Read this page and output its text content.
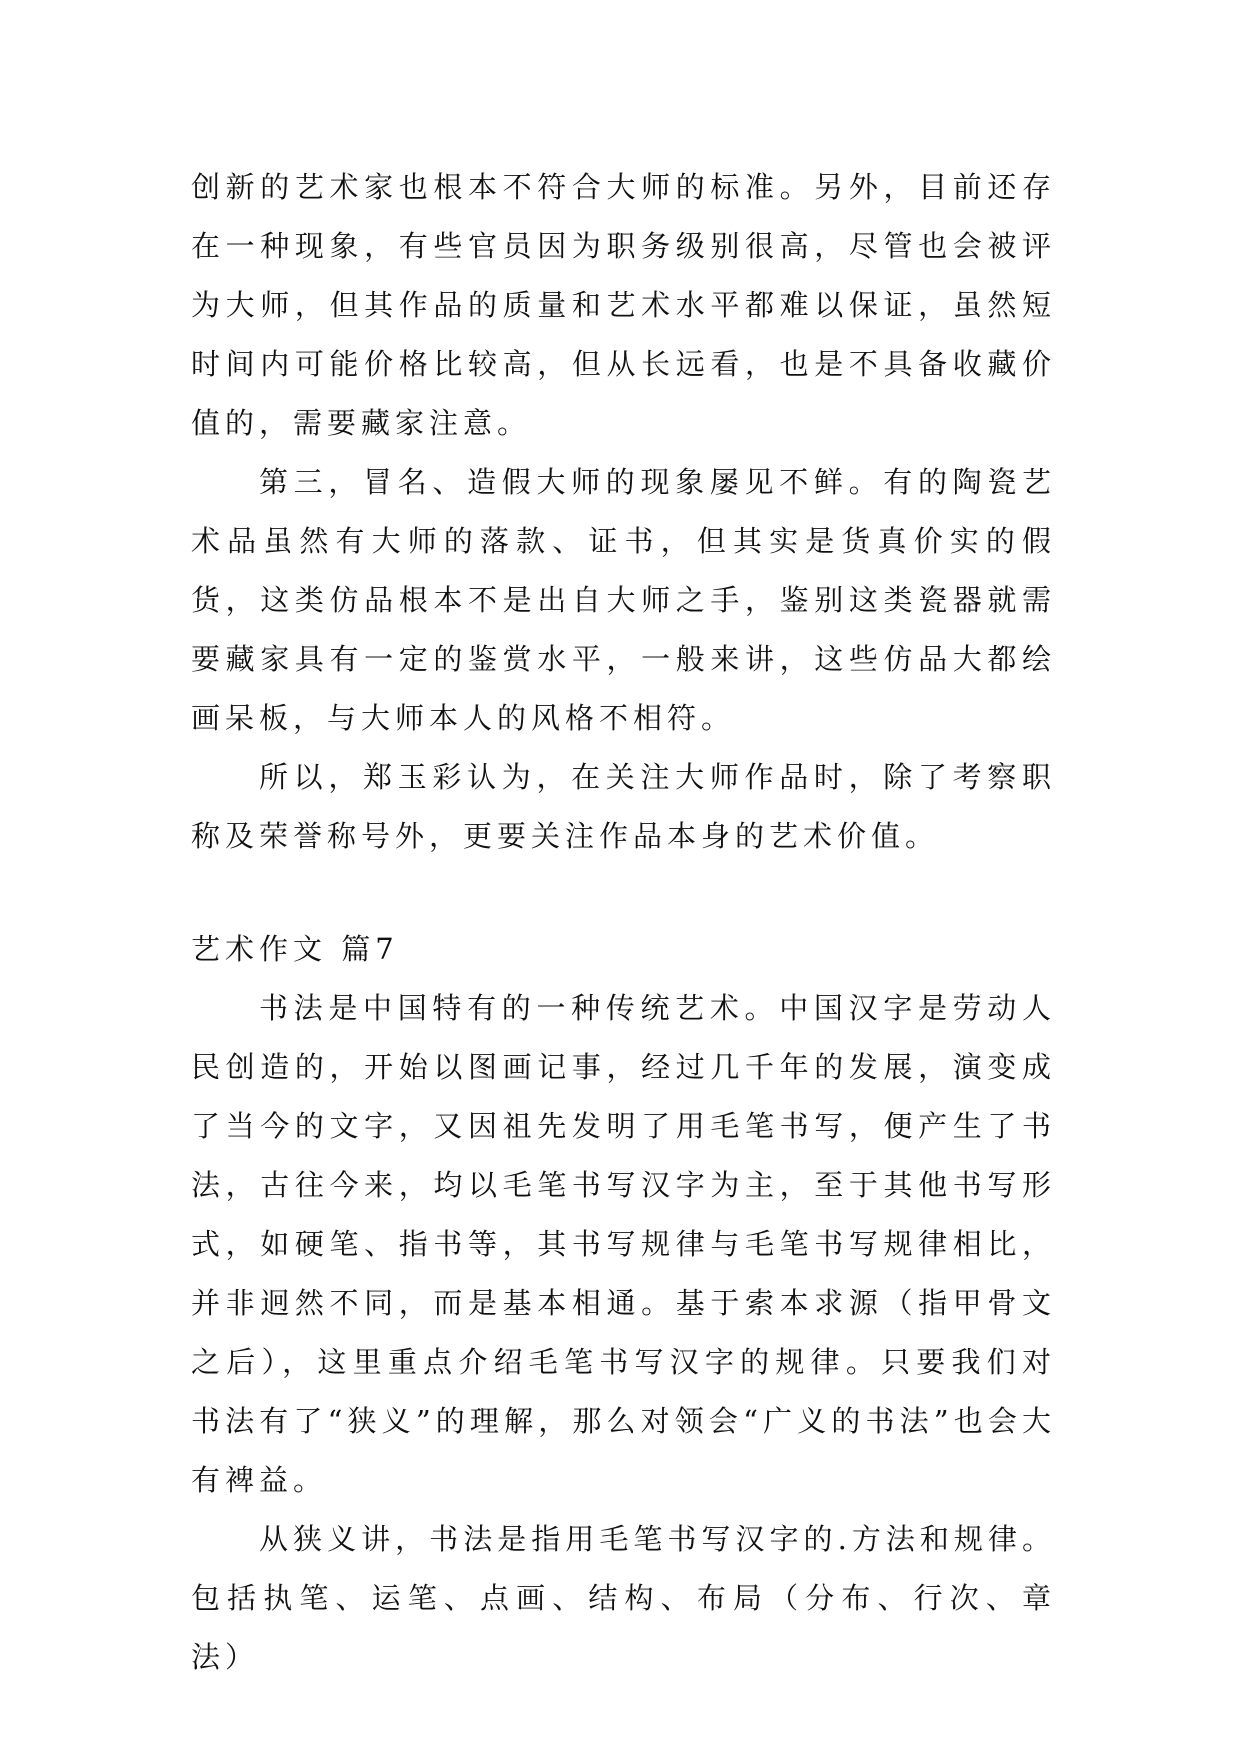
创新的艺术家也根本不符合大师的标准。另外，目前还存在一种现象，有些官员因为职务级别很高，尽管也会被评为大师，但其作品的质量和艺术水平都难以保证，虽然短时间内可能价格比较高，但从长远看，也是不具备收藏价值的，需要藏家注意。

第三，冒名、造假大师的现象屡见不鲜。有的陶瓷艺术品虽然有大师的落款、证书，但其实是货真价实的假货，这类仿品根本不是出自大师之手，鉴别这类瓷器就需要藏家具有一定的鉴赏水平，一般来讲，这些仿品大都绘画呆板，与大师本人的风格不相符。

所以，郑玉彩认为，在关注大师作品时，除了考察职称及荣誉称号外，更要关注作品本身的艺术价值。

艺术作文 篇7

书法是中国特有的一种传统艺术。中国汉字是劳动人民创造的，开始以图画记事，经过几千年的发展，演变成了当今的文字，又因祖先发明了用毛笔书写，便产生了书法，古往今来，均以毛笔书写汉字为主，至于其他书写形式，如硬笔、指书等，其书写规律与毛笔书写规律相比，并非迥然不同，而是基本相通。基于索本求源（指甲骨文之后），这里重点介绍毛笔书写汉字的规律。只要我们对书法有了“狭义”的理解，那么对领会“广义的书法”也会大有裨益。

从狭义讲，书法是指用毛笔书写汉字的.方法和规律。包括执笔、运笔、点画、结构、布局（分布、行次、章法）
